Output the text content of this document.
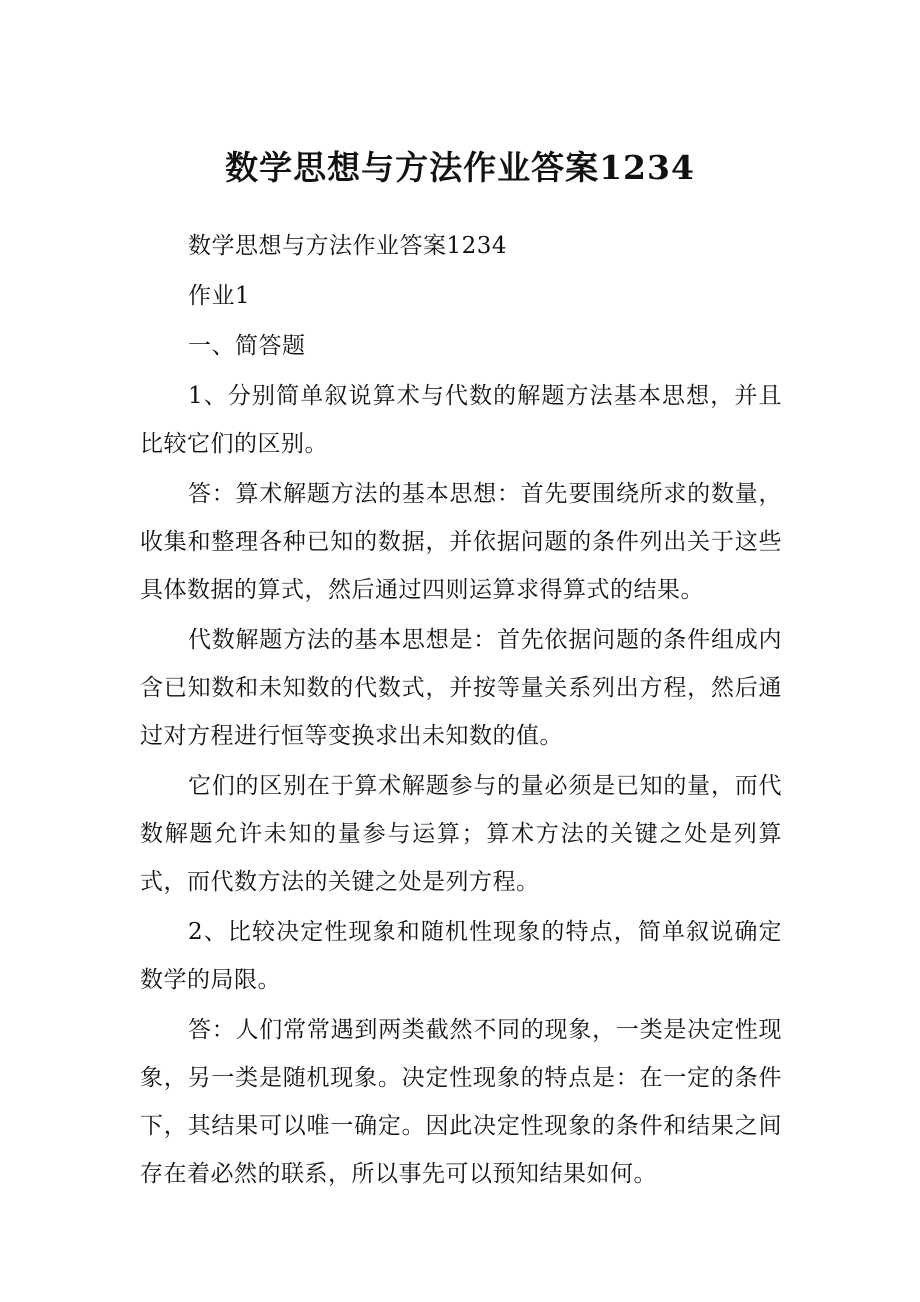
数学思想与方法作业答案1234

数学思想与方法作业答案1234

作业1

一、简答题

1、分别简单叙说算术与代数的解题方法基本思想，并且比较它们的区别。

答：算术解题方法的基本思想：首先要围绕所求的数量，收集和整理各种已知的数据，并依据问题的条件列出关于这些具体数据的算式，然后通过四则运算求得算式的结果。

代数解题方法的基本思想是：首先依据问题的条件组成内含已知数和未知数的代数式，并按等量关系列出方程，然后通过对方程进行恒等变换求出未知数的值。

它们的区别在于算术解题参与的量必须是已知的量，而代数解题允许未知的量参与运算；算术方法的关键之处是列算式，而代数方法的关键之处是列方程。

2、比较决定性现象和随机性现象的特点，简单叙说确定数学的局限。

答：人们常常遇到两类截然不同的现象，一类是决定性现象，另一类是随机现象。决定性现象的特点是：在一定的条件下，其结果可以唯一确定。因此决定性现象的条件和结果之间存在着必然的联系，所以事先可以预知结果如何。
